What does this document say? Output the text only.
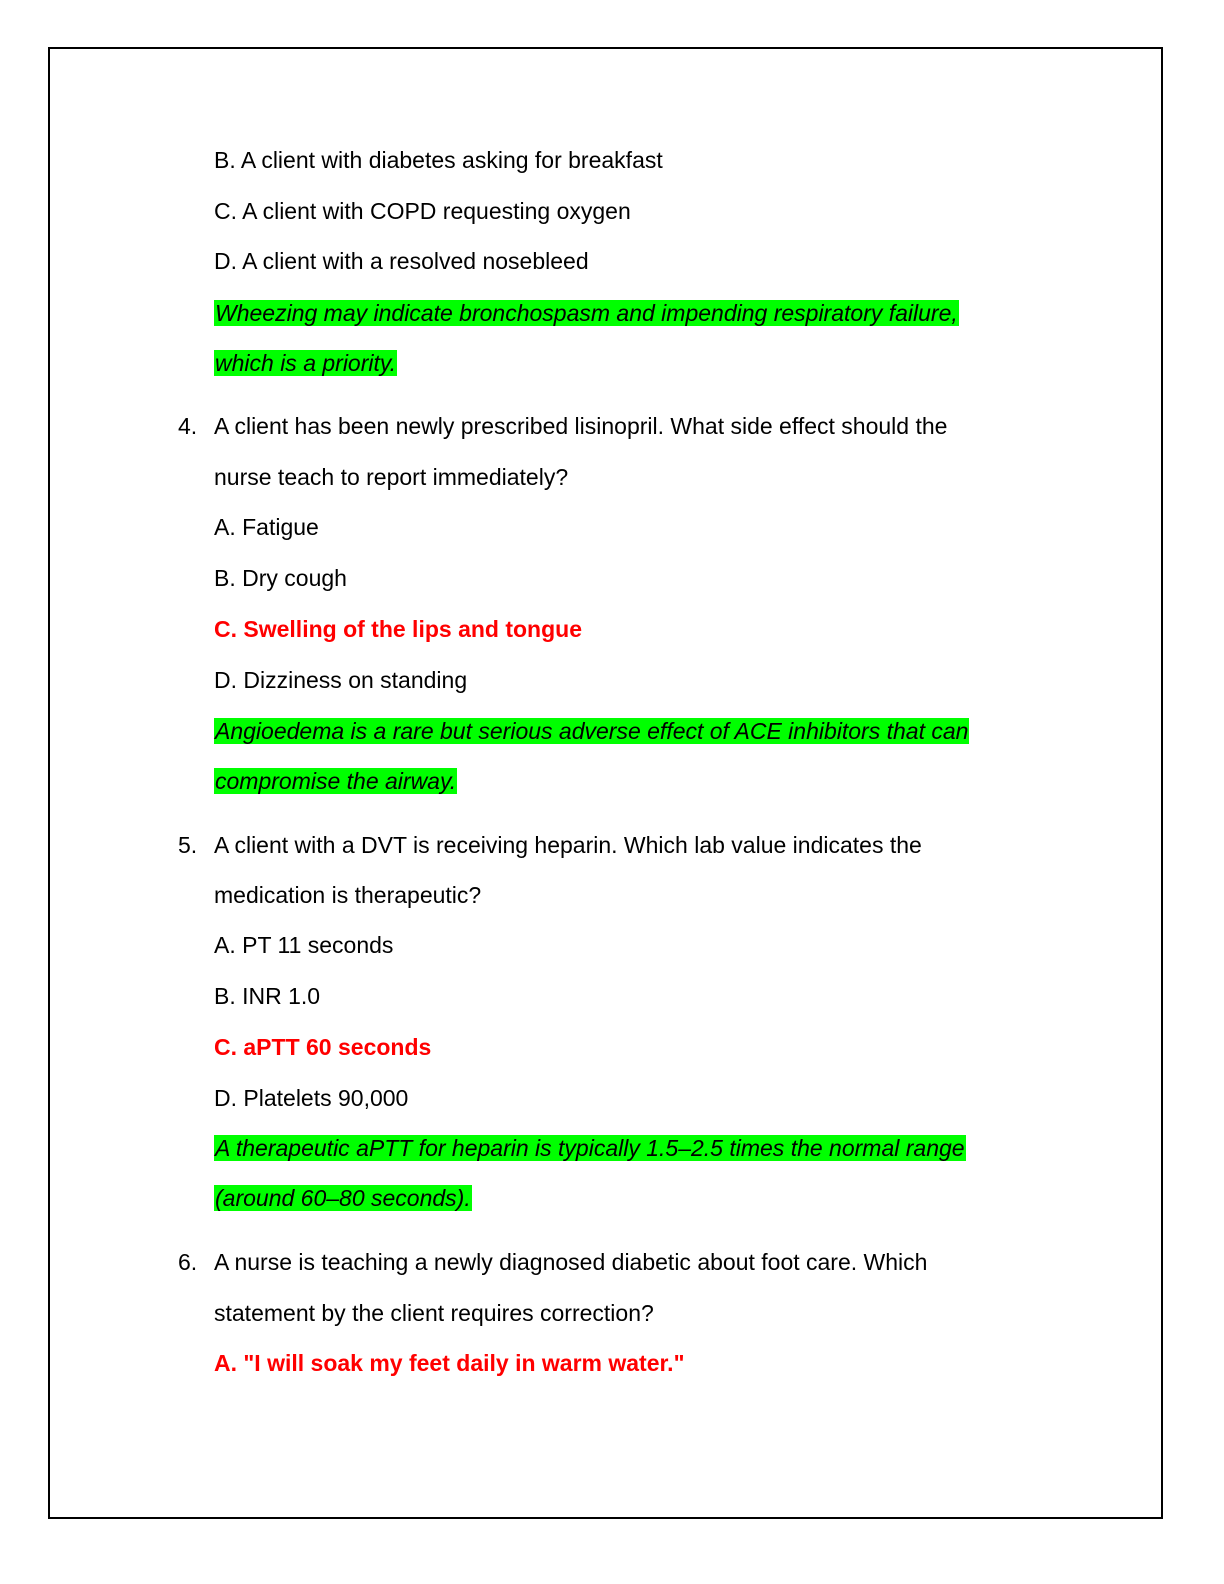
B. A client with diabetes asking for breakfast
C. A client with COPD requesting oxygen
D. A client with a resolved nosebleed
Wheezing may indicate bronchospasm and impending respiratory failure,
which is a priority.
4. A client has been newly prescribed lisinopril. What side effect should the
nurse teach to report immediately?
A. Fatigue
B. Dry cough
C. Swelling of the lips and tongue
D. Dizziness on standing
Angioedema is a rare but serious adverse effect of ACE inhibitors that can
compromise the airway.
5. A client with a DVT is receiving heparin. Which lab value indicates the
medication is therapeutic?
A. PT 11 seconds
B. INR 1.0
C. aPTT 60 seconds
D. Platelets 90,000
A therapeutic aPTT for heparin is typically 1.5–2.5 times the normal range
(around 60–80 seconds).
6. A nurse is teaching a newly diagnosed diabetic about foot care. Which
statement by the client requires correction?
A. "I will soak my feet daily in warm water."
